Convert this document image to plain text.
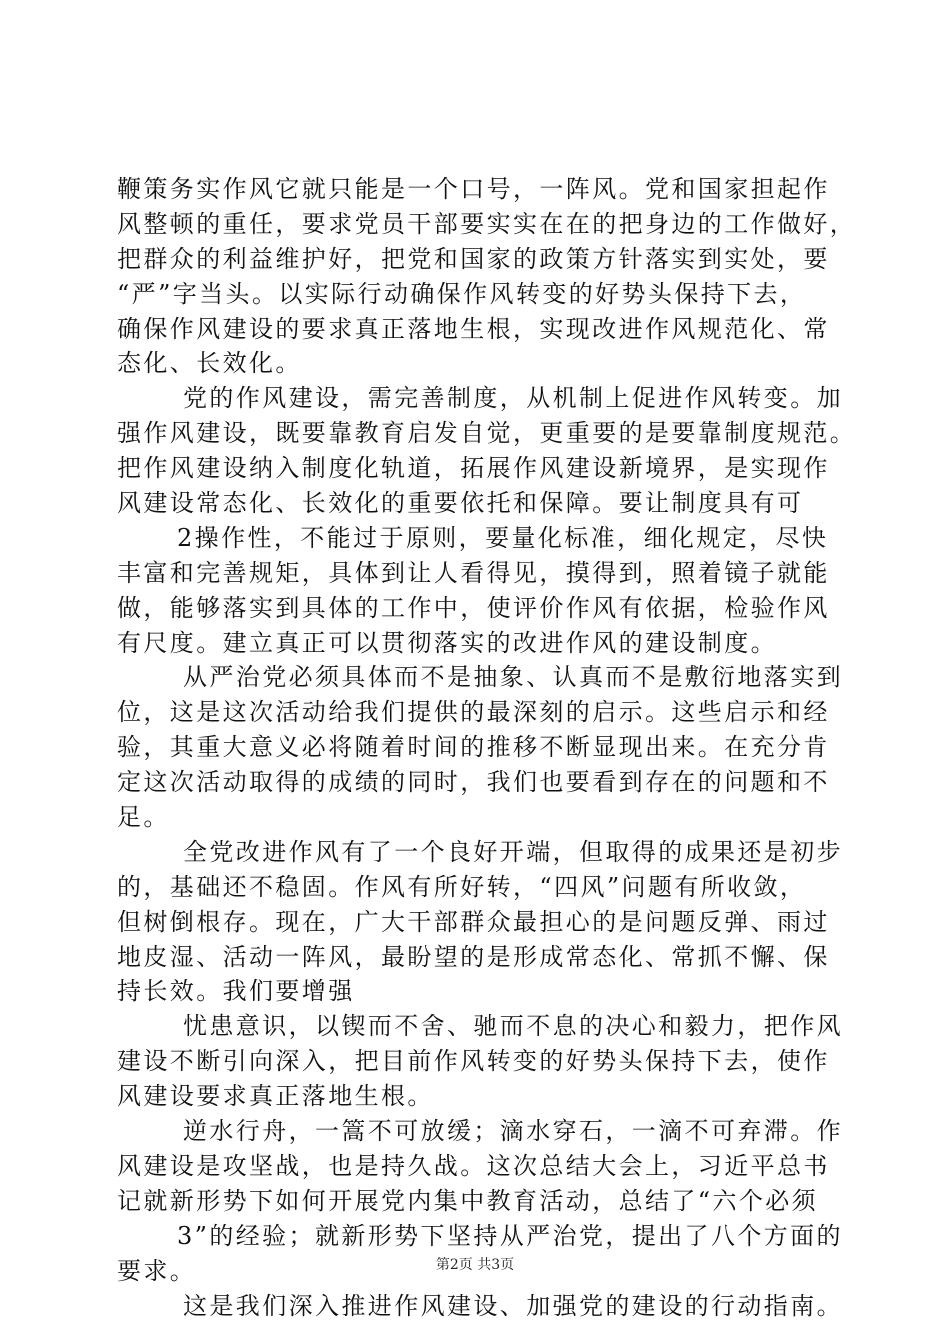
鞭策务实作风它就只能是一个口号，一阵风。党和国家担起作
风整顿的重任，要求党员干部要实实在在的把身边的工作做好，
把群众的利益维护好，把党和国家的政策方针落实到实处，要
“严”字当头。以实际行动确保作风转变的好势头保持下去，
确保作风建设的要求真正落地生根，实现改进作风规范化、常
态化、长效化。
党的作风建设，需完善制度，从机制上促进作风转变。加
强作风建设，既要靠教育启发自觉，更重要的是要靠制度规范。
把作风建设纳入制度化轨道，拓展作风建设新境界，是实现作
风建设常态化、长效化的重要依托和保障。要让制度具有可
2操作性，不能过于原则，要量化标准，细化规定，尽快
丰富和完善规矩，具体到让人看得见，摸得到，照着镜子就能
做，能够落实到具体的工作中，使评价作风有依据，检验作风
有尺度。建立真正可以贯彻落实的改进作风的建设制度。
从严治党必须具体而不是抽象、认真而不是敷衍地落实到
位，这是这次活动给我们提供的最深刻的启示。这些启示和经
验，其重大意义必将随着时间的推移不断显现出来。在充分肯
定这次活动取得的成绩的同时，我们也要看到存在的问题和不
足。
全党改进作风有了一个良好开端，但取得的成果还是初步
的，基础还不稳固。作风有所好转，“四风”问题有所收敛，
但树倒根存。现在，广大干部群众最担心的是问题反弹、雨过
地皮湿、活动一阵风，最盼望的是形成常态化、常抓不懈、保
持长效。我们要增强
忧患意识，以锲而不舍、驰而不息的决心和毅力，把作风
建设不断引向深入，把目前作风转变的好势头保持下去，使作
风建设要求真正落地生根。
逆水行舟，一篙不可放缓；滴水穿石，一滴不可弃滞。作
风建设是攻坚战，也是持久战。这次总结大会上，习近平总书
记就新形势下如何开展党内集中教育活动，总结了“六个必须
3”的经验；就新形势下坚持从严治党，提出了八个方面的
要求。
这是我们深入推进作风建设、加强党的建设的行动指南。
第2页 共3页
